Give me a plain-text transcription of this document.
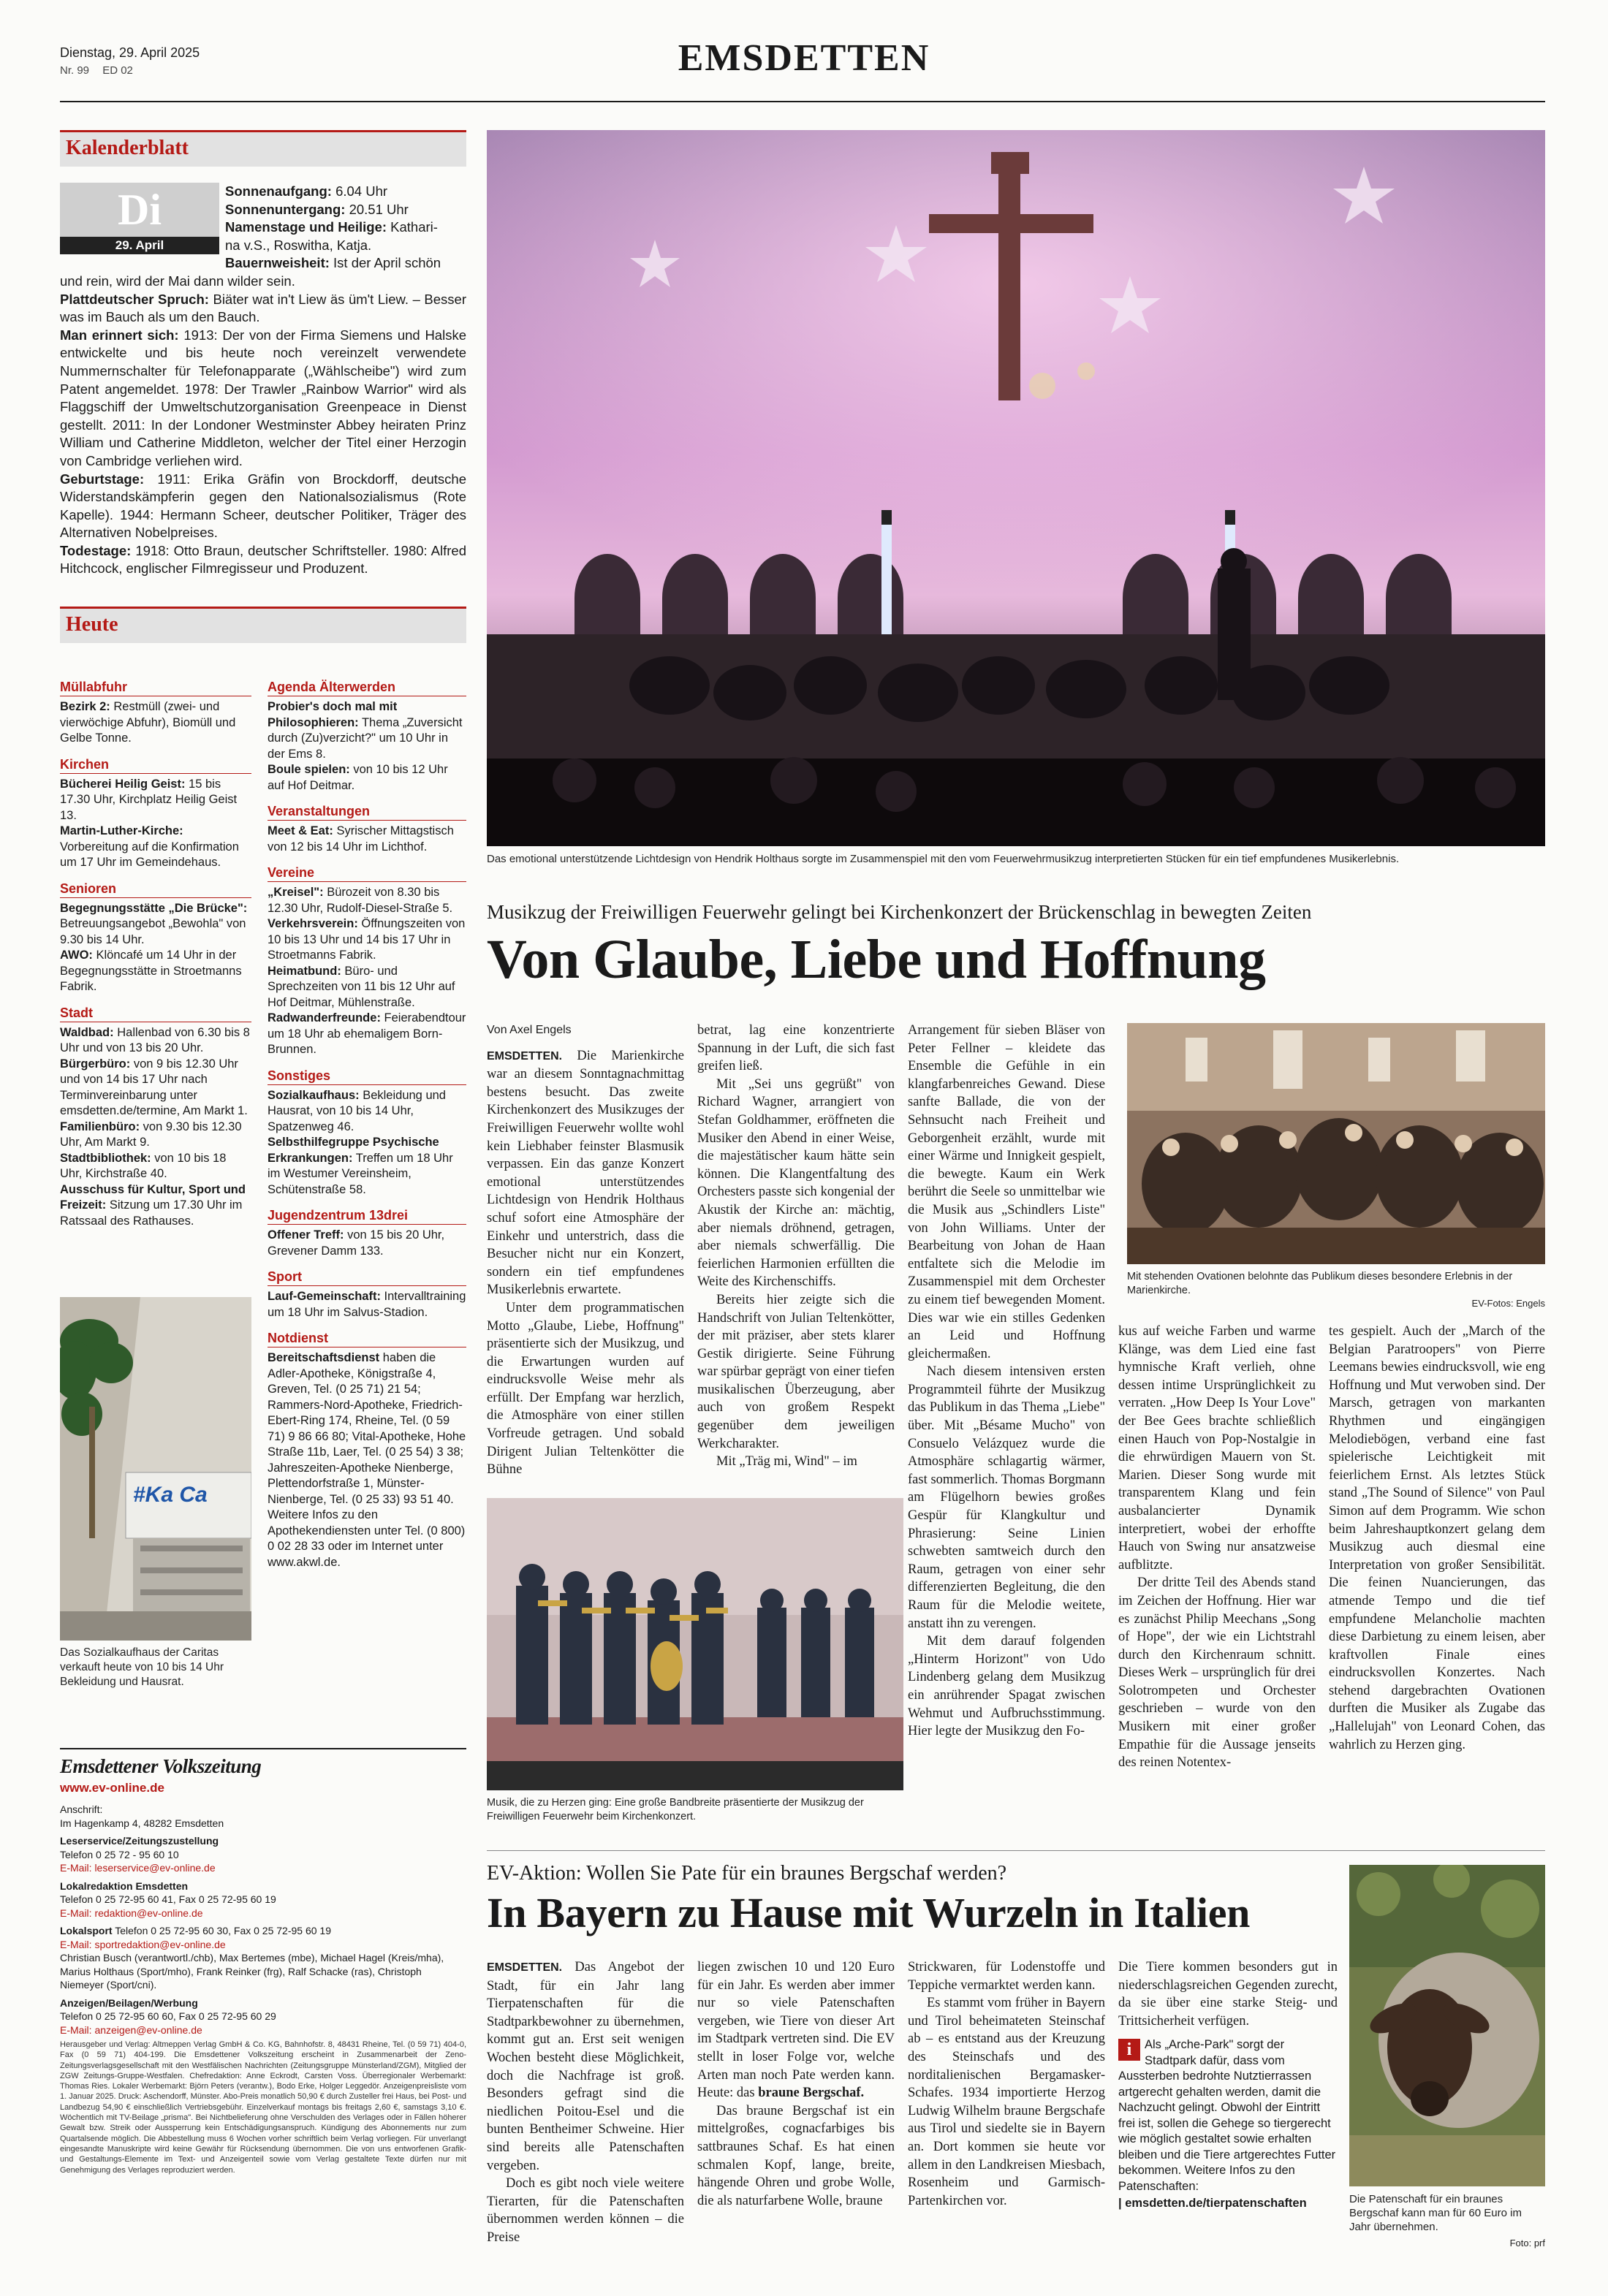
Dienstag, 29. April 2025
Nr. 99 ED 02	EMSDETTEN
Kalenderblatt
Di
29. April
Sonnenaufgang: 6.04 Uhr
Sonnenuntergang: 20.51 Uhr
Namenstage und Heilige: Kathari-
na v.S., Roswitha, Katja.
Bauernweisheit: Ist der April schön
und rein, wird der Mai dann wilder sein.
Plattdeutscher Spruch: Biäter wat in't Liew äs üm't Liew. – Besser was im Bauch als um den Bauch.
Man erinnert sich: 1913: Der von der Firma Siemens und Halske entwickelte und bis heute noch vereinzelt verwendete Nummernschalter für Telefonapparate („Wählscheibe") wird zum Patent angemeldet. 1978: Der Trawler „Rainbow Warrior" wird als Flaggschiff der Umweltschutzorganisation Greenpeace in Dienst gestellt. 2011: In der Londoner Westminster Abbey heiraten Prinz William und Catherine Middleton, welcher der Titel einer Herzogin von Cambridge verliehen wird.
Geburtstage: 1911: Erika Gräfin von Brockdorff, deutsche Widerstandskämpferin gegen den Nationalsozialismus (Rote Kapelle). 1944: Hermann Scheer, deutscher Politiker, Träger des Alternativen Nobelpreises.
Todestage: 1918: Otto Braun, deutscher Schriftsteller. 1980: Alfred Hitchcock, englischer Filmregisseur und Produzent.
Heute
Müllabfuhr
Bezirk 2: Restmüll (zwei- und vierwöchige Abfuhr), Biomüll und Gelbe Tonne.
Kirchen
Bücherei Heilig Geist: 15 bis 17.30 Uhr, Kirchplatz Heilig Geist 13.
Martin-Luther-Kirche: Vorbereitung auf die Konfirmation um 17 Uhr im Gemeindehaus.
Senioren
Begegnungsstätte „Die Brücke": Betreuungsangebot „Bewohla" von 9.30 bis 14 Uhr.
AWO: Klöncafé um 14 Uhr in der Begegnungsstätte in Stroetmanns Fabrik.
Stadt
Waldbad: Hallenbad von 6.30 bis 8 Uhr und von 13 bis 20 Uhr.
Bürgerbüro: von 9 bis 12.30 Uhr und von 14 bis 17 Uhr nach Terminvereinbarung unter emsdetten.de/termine, Am Markt 1.
Familienbüro: von 9.30 bis 12.30 Uhr, Am Markt 9.
Stadtbibliothek: von 10 bis 18 Uhr, Kirchstraße 40.
Ausschuss für Kultur, Sport und Freizeit: Sitzung um 17.30 Uhr im Ratssaal des Rathauses.
Agenda Älterwerden
Probier's doch mal mit Philosophieren: Thema „Zuversicht durch (Zu)verzicht?" um 10 Uhr in der Ems 8.
Boule spielen: von 10 bis 12 Uhr auf Hof Deitmar.
Veranstaltungen
Meet & Eat: Syrischer Mittagstisch von 12 bis 14 Uhr im Lichthof.
Vereine
„Kreisel": Bürozeit von 8.30 bis 12.30 Uhr, Rudolf-Diesel-Straße 5.
Verkehrsverein: Öffnungszeiten von 10 bis 13 Uhr und 14 bis 17 Uhr in Stroetmanns Fabrik.
Heimatbund: Büro- und Sprechzeiten von 11 bis 12 Uhr auf Hof Deitmar, Mühlenstraße.
Radwanderfreunde: Feierabendtour um 18 Uhr ab ehemaligem Born-Brunnen.
Sonstiges
Sozialkaufhaus: Bekleidung und Hausrat, von 10 bis 14 Uhr, Spatzenweg 46.
Selbsthilfegruppe Psychische Erkrankungen: Treffen um 18 Uhr im Westumer Vereinsheim, Schütenstraße 58.
Jugendzentrum 13drei
Offener Treff: von 15 bis 20 Uhr, Grevener Damm 133.
Sport
Lauf-Gemeinschaft: Intervalltraining um 18 Uhr im Salvus-Stadion.
Notdienst
Bereitschaftsdienst haben die Adler-Apotheke, Königstraße 4, Greven, Tel. (0 25 71) 21 54; Rammers-Nord-Apotheke, Friedrich-Ebert-Ring 174, Rheine, Tel. (0 59 71) 9 86 66 80; Vital-Apotheke, Hohe Straße 11b, Laer, Tel. (0 25 54) 3 38; Jahreszeiten-Apotheke Nienberge, Plettendorfstraße 1, Münster-Nienberge, Tel. (0 25 33) 93 51 40. Weitere Infos zu den Apothekendiensten unter Tel. (0 800) 0 02 28 33 oder im Internet unter www.akwl.de.
#Ka Ca
Das Sozialkaufhaus der Caritas verkauft heute von 10 bis 14 Uhr Bekleidung und Hausrat.
Emsdettener Volkszeitung
www.ev-online.de
Anschrift:
Im Hagenkamp 4, 48282 Emsdetten
Leserservice/Zeitungszustellung
Telefon 0 25 72 - 95 60 10
E-Mail: leserservice@ev-online.de
Lokalredaktion Emsdetten
Telefon 0 25 72-95 60 41, Fax 0 25 72-95 60 19
E-Mail: redaktion@ev-online.de
Lokalsport Telefon 0 25 72-95 60 30, Fax 0 25 72-95 60 19
E-Mail: sportredaktion@ev-online.de
Christian Busch (verantwortl./chb), Max Bertemes (mbe), Michael Hagel (Kreis/mha), Marius Holthaus (Sport/mho), Frank Reinker (frg), Ralf Schacke (ras), Christoph Niemeyer (Sport/cni).
Anzeigen/Beilagen/Werbung
Telefon 0 25 72-95 60 60, Fax 0 25 72-95 60 29
E-Mail: anzeigen@ev-online.de
Herausgeber und Verlag: Altmeppen Verlag GmbH & Co. KG, Bahnhofstr. 8, 48431 Rheine, Tel. (0 59 71) 404-0, Fax (0 59 71) 404-199. Die Emsdettener Volkszeitung erscheint in Zusammenarbeit der Zeno-Zeitungsverlagsgesellschaft mit den Westfälischen Nachrichten (Zeitungsgruppe Münsterland/ZGM), Mitglied der ZGW Zeitungs-Gruppe-Westfalen. Chefredaktion: Anne Eckrodt, Carsten Voss. Überregionaler Werbemarkt: Thomas Ries. Lokaler Werbemarkt: Björn Peters (verantw.), Bodo Erke, Holger Leggedör. Anzeigenpreisliste vom 1. Januar 2025. Druck: Aschendorff, Münster. Abo-Preis monatlich 50,90 € durch Zusteller frei Haus, bei Post- und Landbezug 54,90 € einschließlich Vertriebsgebühr. Einzelverkauf montags bis freitags 2,60 €, samstags 3,10 €. Wöchentlich mit TV-Beilage „prisma". Bei Nichtbelieferung ohne Verschulden des Verlages oder in Fällen höherer Gewalt bzw. Streik oder Aussperrung kein Entschädigungsanspruch. Kündigung des Abonnements nur zum Quartalsende möglich. Die Abbestellung muss 6 Wochen vorher schriftlich beim Verlag vorliegen. Für unverlangt eingesandte Manuskripte wird keine Gewähr für Rücksendung übernommen. Die von uns entworfenen Grafik- und Gestaltungs-Elemente im Text- und Anzeigenteil sowie vom Verlag gestaltete Texte dürfen nur mit Genehmigung des Verlages reproduziert werden.
Das emotional unterstützende Lichtdesign von Hendrik Holthaus sorgte im Zusammenspiel mit den vom Feuerwehrmusikzug interpretierten Stücken für ein tief empfundenes Musikerlebnis.
Musikzug der Freiwilligen Feuerwehr gelingt bei Kirchenkonzert der Brückenschlag in bewegten Zeiten
Von Glaube, Liebe und Hoffnung
Von Axel Engels

EMSDETTEN. Die Marienkirche war an diesem Sonntagnachmittag bestens besucht. Das zweite Kirchenkonzert des Musikzuges der Freiwilligen Feuerwehr wollte wohl kein Liebhaber feinster Blasmusik verpassen. Ein das ganze Konzert emotional unterstützendes Lichtdesign von Hendrik Holthaus schuf sofort eine Atmosphäre der Einkehr und unterstrich, dass die Besucher nicht nur ein Konzert, sondern ein tief empfundenes Musikerlebnis erwartete.

Unter dem programmatischen Motto „Glaube, Liebe, Hoffnung" präsentierte sich der Musikzug, und die Erwartungen wurden auf eindrucksvolle Weise mehr als erfüllt. Der Empfang war herzlich, die Atmosphäre von einer stillen Vorfreude getragen. Und sobald Dirigent Julian Teltenkötter die Bühne

betrat, lag eine konzentrierte Spannung in der Luft, die sich fast greifen ließ.

Mit „Sei uns gegrüßt" von Richard Wagner, arrangiert von Stefan Goldhammer, eröffneten die Musiker den Abend in einer Weise, die majestätischer kaum hätte sein können. Die Klangentfaltung des Orchesters passte sich kongenial der Akustik der Kirche an: mächtig, aber niemals dröhnend, getragen, aber niemals schwerfällig. Die feierlichen Harmonien erfüllten die Weite des Kirchenschiffs.

Bereits hier zeigte sich die Handschrift von Julian Teltenkötter, der mit präziser, aber stets klarer Gestik dirigierte. Seine Führung war spürbar geprägt von einer tiefen musikalischen Überzeugung, aber auch von großem Respekt gegenüber dem jeweiligen Werkcharakter.

Mit „Träg mi, Wind" – im

Arrangement für sieben Bläser von Peter Fellner – kleidete das Ensemble die Gefühle in ein klangfarbenreiches Gewand. Diese sanfte Ballade, die von der Sehnsucht nach Freiheit und Geborgenheit erzählt, wurde mit einer Wärme und Innigkeit gespielt, die bewegte. Kaum ein Werk berührt die Seele so unmittelbar wie die Musik aus „Schindlers Liste" von John Williams. Unter der Bearbeitung von Johan de Haan entfaltete sich die Melodie im Zusammenspiel mit dem Orchester zu einem tief bewegenden Moment. Dies war wie ein stilles Gedenken an Leid und Hoffnung gleichermaßen.

Nach diesem intensiven ersten Programmteil führte der Musikzug das Publikum in das Thema „Liebe" über. Mit „Bésame Mucho" von Consuelo Velázquez wurde die Atmosphäre schlagartig wärmer, fast sommerlich. Thomas Borgmann am Flügelhorn bewies großes Gespür für Klangkultur und Phrasierung: Seine Linien schwebten samtweich durch den Raum, getragen von einer sehr differenzierten Begleitung, die den Raum für die Melodie weitete, anstatt ihn zu verengen.

Mit dem darauf folgenden „Hinterm Horizont" von Udo Lindenberg gelang dem Musikzug ein anrührender Spagat zwischen Wehmut und Aufbruchsstimmung. Hier legte der Musikzug den Fo-

Musik, die zu Herzen ging: Eine große Bandbreite präsentierte der Musikzug der Freiwilligen Feuerwehr beim Kirchenkonzert.
Mit stehenden Ovationen belohnte das Publikum dieses besondere Erlebnis in der Marienkirche.
EV-Fotos: Engels

kus auf weiche Farben und warme Klänge, was dem Lied eine fast hymnische Kraft verlieh, ohne dessen intime Ursprünglichkeit zu verraten. „How Deep Is Your Love" der Bee Gees brachte schließlich einen Hauch von Pop-Nostalgie in die ehrwürdigen Mauern von St. Marien. Dieser Song wurde mit transparentem Klang und fein ausbalancierter Dynamik interpretiert, wobei der erhoffte Hauch von Swing nur ansatzweise aufblitzte.

Der dritte Teil des Abends stand im Zeichen der Hoffnung. Hier war es zunächst Philip Meechans „Song of Hope", der wie ein Lichtstrahl durch den Kirchenraum schnitt. Dieses Werk – ursprünglich für drei Solotrompeten und Orchester geschrieben – wurde von den Musikern mit einer großer Empathie für die Aussage jenseits des reinen Notentex-

tes gespielt. Auch der „March of the Belgian Paratroopers" von Pierre Leemans bewies eindrucksvoll, wie eng Hoffnung und Mut verwoben sind. Der Marsch, getragen von markanten Rhythmen und eingängigen Melodiebögen, verband eine fast spielerische Leichtigkeit mit feierlichem Ernst. Als letztes Stück stand „The Sound of Silence" von Paul Simon auf dem Programm. Wie schon beim Jahreshauptkonzert gelang dem Musikzug auch diesmal eine Interpretation von großer Sensibilität. Die feinen Nuancierungen, das atmende Tempo und die tief empfundene Melancholie machten diese Darbietung zu einem leisen, aber kraftvollen Finale eines eindrucksvollen Konzertes. Nach stehend dargebrachten Ovationen durften die Musiker als Zugabe das „Hallelujah" von Leonard Cohen, das wahrlich zu Herzen ging.

EV-Aktion: Wollen Sie Pate für ein braunes Bergschaf werden?
In Bayern zu Hause mit Wurzeln in Italien

EMSDETTEN. Das Angebot der Stadt, für ein Jahr lang Tierpatenschaften für die Stadtparkbewohner zu übernehmen, kommt gut an. Erst seit wenigen Wochen besteht diese Möglichkeit, doch die Nachfrage ist groß. Besonders gefragt sind die niedlichen Poitou-Esel und die bunten Bentheimer Schweine. Hier sind bereits alle Patenschaften vergeben.

Doch es gibt noch viele weitere Tierarten, für die Patenschaften übernommen werden können – die Preise

liegen zwischen 10 und 120 Euro für ein Jahr. Es werden aber immer nur so viele Patenschaften vergeben, wie Tiere von dieser Art im Stadtpark vertreten sind. Die EV stellt in loser Folge vor, welche Arten man noch Pate werden kann. Heute: das braune Bergschaf.

Das braune Bergschaf ist ein mittelgroßes, cognacfarbiges bis sattbraunes Schaf. Es hat einen schmalen Kopf, lange, breite, hängende Ohren und grobe Wolle, die als naturfarbene Wolle, braune

Strickwaren, für Lodenstoffe und Teppiche vermarktet werden kann.

Es stammt vom früher in Bayern und Tirol beheimateten Steinschaf ab – es entstand aus der Kreuzung des Steinschafs und des norditalienischen Bergamasker-Schafes. 1934 importierte Herzog Ludwig Wilhelm braune Bergschafe aus Tirol und siedelte sie in Bayern an. Dort kommen sie heute vor allem in den Landkreisen Miesbach, Rosenheim und Garmisch-Partenkirchen vor.

Die Tiere kommen besonders gut in niederschlagsreichen Gegenden zurecht, da sie über eine starke Steig- und Trittsicherheit verfügen.
i	Als „Arche-Park" sorgt der Stadtpark dafür, dass vom Aussterben bedrohte Nutztierrassen artgerecht gehalten werden, damit die Nachzucht gelingt. Obwohl der Eintritt frei ist, sollen die Gehege so tiergerecht wie möglich gestaltet sowie erhalten bleiben und die Tiere artgerechtes Futter bekommen. Weitere Infos zu den Patenschaften:
| emsdetten.de/tierpatenschaften	Die Patenschaft für ein braunes Bergschaf kann man für 60 Euro im Jahr übernehmen.
Foto: prf
